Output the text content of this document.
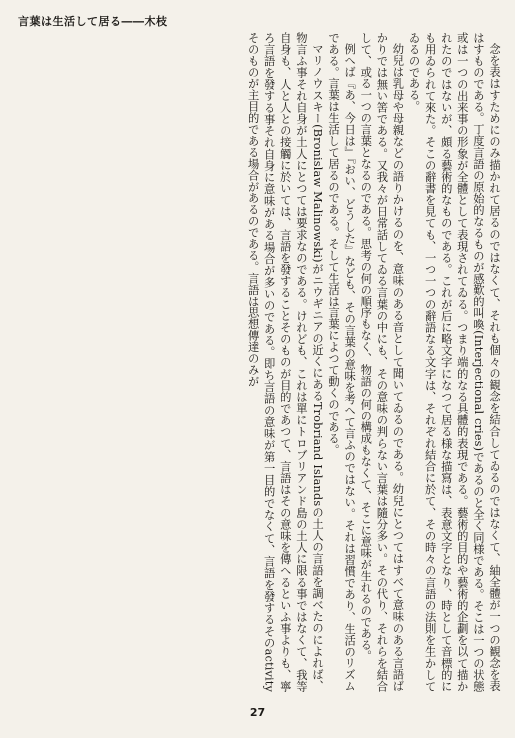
言葉は生活して居る――木枝

念を表はすためにのみ描かれて居るのではなくて、それも個々の観念を結合してゐるのではなくて、紬全體が一つの観念を表はすものである。丁度言語の原始的なるものが感歎的叫喚(Interjectional cries)であるのと全く同様である。そこは一つの状態或は一つの出来事の形象が全體として表現されてゐる。つまり端的なる具體的表現である。藝術的目的や藝術的企劃を以て描かれたのではないが、頗る藝術的なものである。これが后に略文字になつて居る様な描寫は、表意文字となり、時として音標的にも用ゐられて來た。そこの辭書を見ても、一つ一つの辭語なる文字は、それぞれ結合に於て、その時々の言語の法則を生かしてゐるのである。

幼兒は乳母や母親などの語りかけるのを、意味のある音として聞いてゐるのである。幼兒にとつてはすべて意味のある言語ばかりでは無い筈である。又我々が日常話してゐる言葉の中にも、その意味の判らない言葉は隨分多い。その代り、それらを結合して、或る一つの言葉となるのである。思考の何の順序もなく、物語の何の構成もなくて、そこに意味が生れるのである。

例へば『あ、今日は』『おい、どうした』なども、その言葉の意味を考へて言ふのではない。それは習慣であり、生活のリズムである。言葉は生活して居るのである。そして生活は言葉によつて動くのである。

マリノウスキー(Bronislaw Malinowski)がニウギニアの近くにあるTrobriand Islandsの土人の言語を調べたのによれば、物言ふ事それ自身が土人にとつては要求なのである。けれども、これは單にトロブリアンド島の土人に限る事ではなくて、我等自身も、人と人との接觸に於いては、言語を發することそのものが目的であつて、言語はその意味を傳へるといふ事よりも、寧ろ言語を發する事それ自身に意味がある場合が多いのである。即ち言語の意味が第一目的でなくて、言語を發するそのactivityそのものが主目的である場合があるのである。言語は思想傳達のみが

27
